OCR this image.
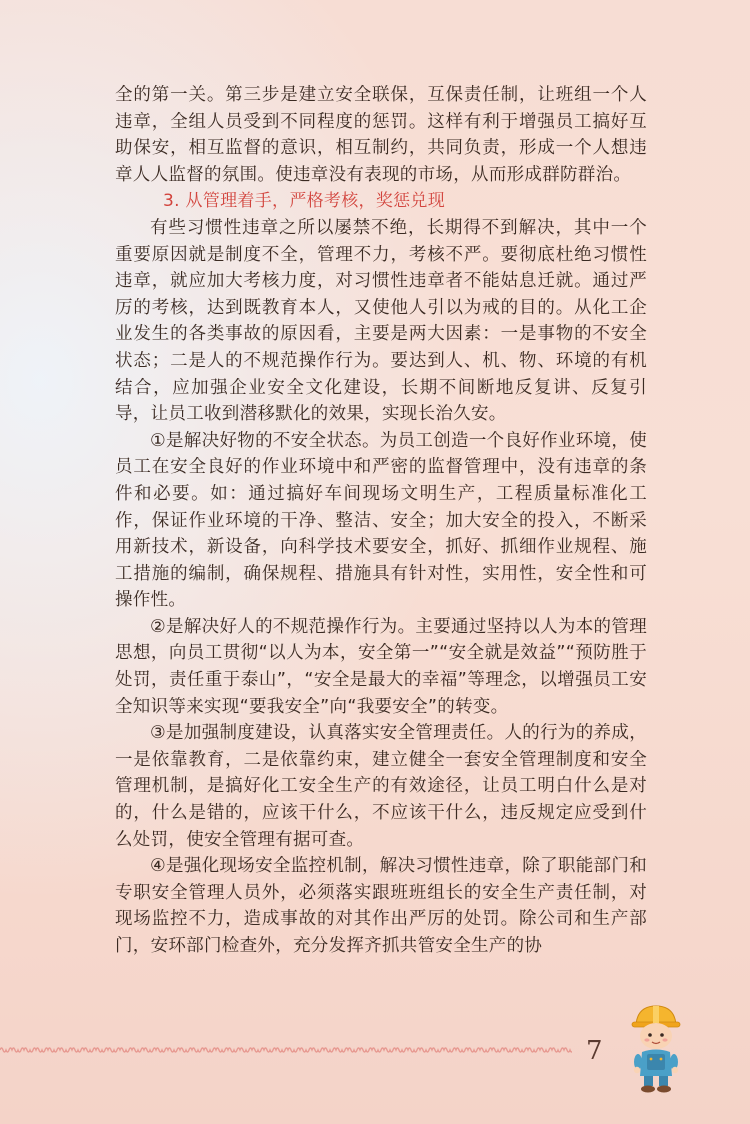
全的第一关。第三步是建立安全联保，互保责任制，让班组一个人违章，全组人员受到不同程度的惩罚。这样有利于增强员工搞好互助保安，相互监督的意识，相互制约，共同负责，形成一个人想违章人人监督的氛围。使违章没有表现的市场，从而形成群防群治。

3. 从管理着手，严格考核，奖惩兑现

有些习惯性违章之所以屡禁不绝，长期得不到解决，其中一个重要原因就是制度不全，管理不力，考核不严。要彻底杜绝习惯性违章，就应加大考核力度，对习惯性违章者不能姑息迁就。通过严厉的考核，达到既教育本人，又使他人引以为戒的目的。从化工企业发生的各类事故的原因看，主要是两大因素：一是事物的不安全状态；二是人的不规范操作行为。要达到人、机、物、环境的有机结合，应加强企业安全文化建设，长期不间断地反复讲、反复引导，让员工收到潜移默化的效果，实现长治久安。

①是解决好物的不安全状态。为员工创造一个良好作业环境，使员工在安全良好的作业环境中和严密的监督管理中，没有违章的条件和必要。如：通过搞好车间现场文明生产，工程质量标准化工作，保证作业环境的干净、整洁、安全；加大安全的投入，不断采用新技术，新设备，向科学技术要安全，抓好、抓细作业规程、施工措施的编制，确保规程、措施具有针对性，实用性，安全性和可操作性。

②是解决好人的不规范操作行为。主要通过坚持以人为本的管理思想，向员工贯彻“以人为本，安全第一”“安全就是效益”“预防胜于处罚，责任重于泰山”，“安全是最大的幸福”等理念，以增强员工安全知识等来实现“要我安全”向“我要安全”的转变。

③是加强制度建设，认真落实安全管理责任。人的行为的养成，一是依靠教育，二是依靠约束，建立健全一套安全管理制度和安全管理机制，是搞好化工安全生产的有效途径，让员工明白什么是对的，什么是错的，应该干什么，不应该干什么，违反规定应受到什么处罚，使安全管理有据可查。

④是强化现场安全监控机制，解决习惯性违章，除了职能部门和专职安全管理人员外，必须落实跟班班组长的安全生产责任制，对现场监控不力，造成事故的对其作出严厉的处罚。除公司和生产部门，安环部门检查外，充分发挥齐抓共管安全生产的协

7
